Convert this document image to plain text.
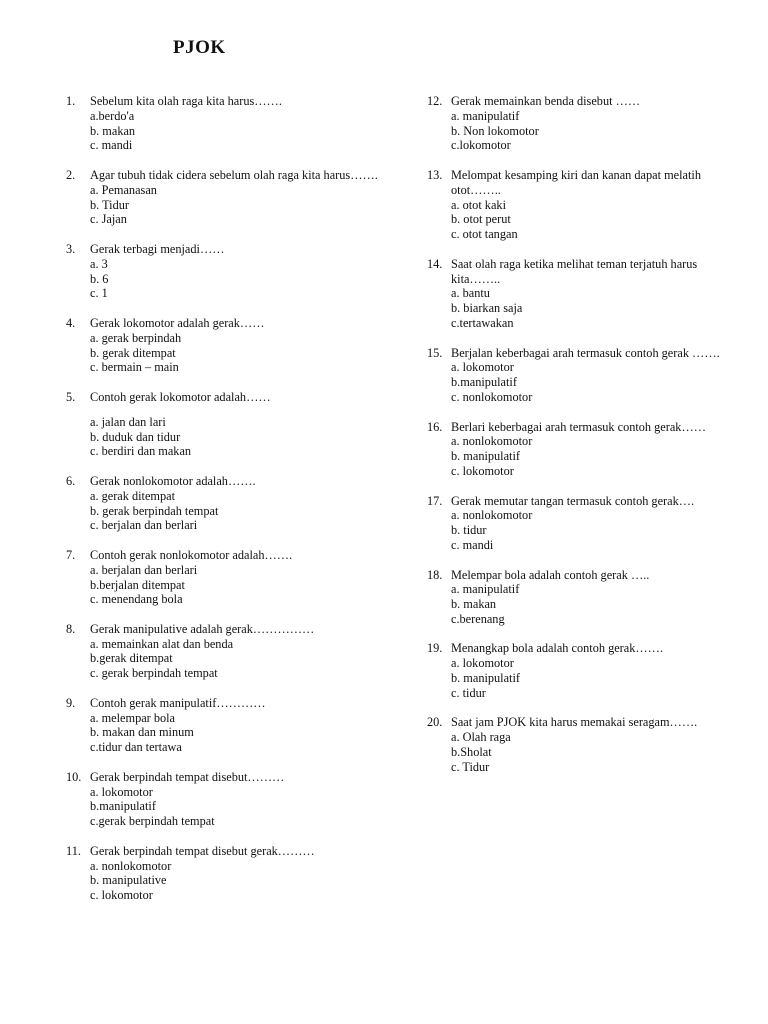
PJOK
1. Sebelum kita olah raga kita harus…….
a.berdo'a
b. makan
c. mandi
2. Agar tubuh tidak cidera sebelum olah raga kita harus…….
a. Pemanasan
b. Tidur
c. Jajan
3. Gerak terbagi menjadi……
a. 3
b. 6
c. 1
4. Gerak lokomotor adalah gerak……
a. gerak berpindah
b. gerak ditempat
c. bermain – main
5. Contoh gerak lokomotor adalah……
a. jalan dan lari
b. duduk dan tidur
c. berdiri dan makan
6. Gerak nonlokomotor adalah…….
a. gerak ditempat
b. gerak berpindah tempat
c. berjalan dan berlari
7. Contoh gerak nonlokomotor adalah…….
a. berjalan dan berlari
b.berjalan ditempat
c. menendang bola
8. Gerak manipulative adalah gerak……………
a. memainkan alat dan benda
b.gerak ditempat
c. gerak berpindah tempat
9. Contoh gerak manipulatif…………
a. melempar bola
b. makan dan minum
c.tidur dan tertawa
10. Gerak berpindah tempat disebut………
a. lokomotor
b.manipulatif
c.gerak berpindah tempat
11. Gerak berpindah tempat disebut gerak………
a. nonlokomotor
b. manipulative
c. lokomotor
12. Gerak memainkan benda disebut ……
a. manipulatif
b. Non lokomotor
c.lokomotor
13. Melompat kesamping kiri dan kanan dapat melatih otot……..
a. otot kaki
b. otot perut
c. otot tangan
14. Saat olah raga ketika melihat teman terjatuh harus kita……..
a. bantu
b. biarkan saja
c.tertawakan
15. Berjalan keberbagai arah termasuk contoh gerak …….
a. lokomotor
b.manipulatif
c. nonlokomotor
16. Berlari keberbagai arah termasuk contoh gerak……
a. nonlokomotor
b. manipulatif
c. lokomotor
17. Gerak memutar tangan termasuk contoh gerak….
a. nonlokomotor
b. tidur
c. mandi
18. Melempar bola adalah contoh gerak …..
a. manipulatif
b. makan
c.berenang
19. Menangkap bola adalah contoh gerak…….
a. lokomotor
b. manipulatif
c. tidur
20. Saat jam PJOK kita harus memakai seragam…….
a. Olah raga
b.Sholat
c. Tidur
